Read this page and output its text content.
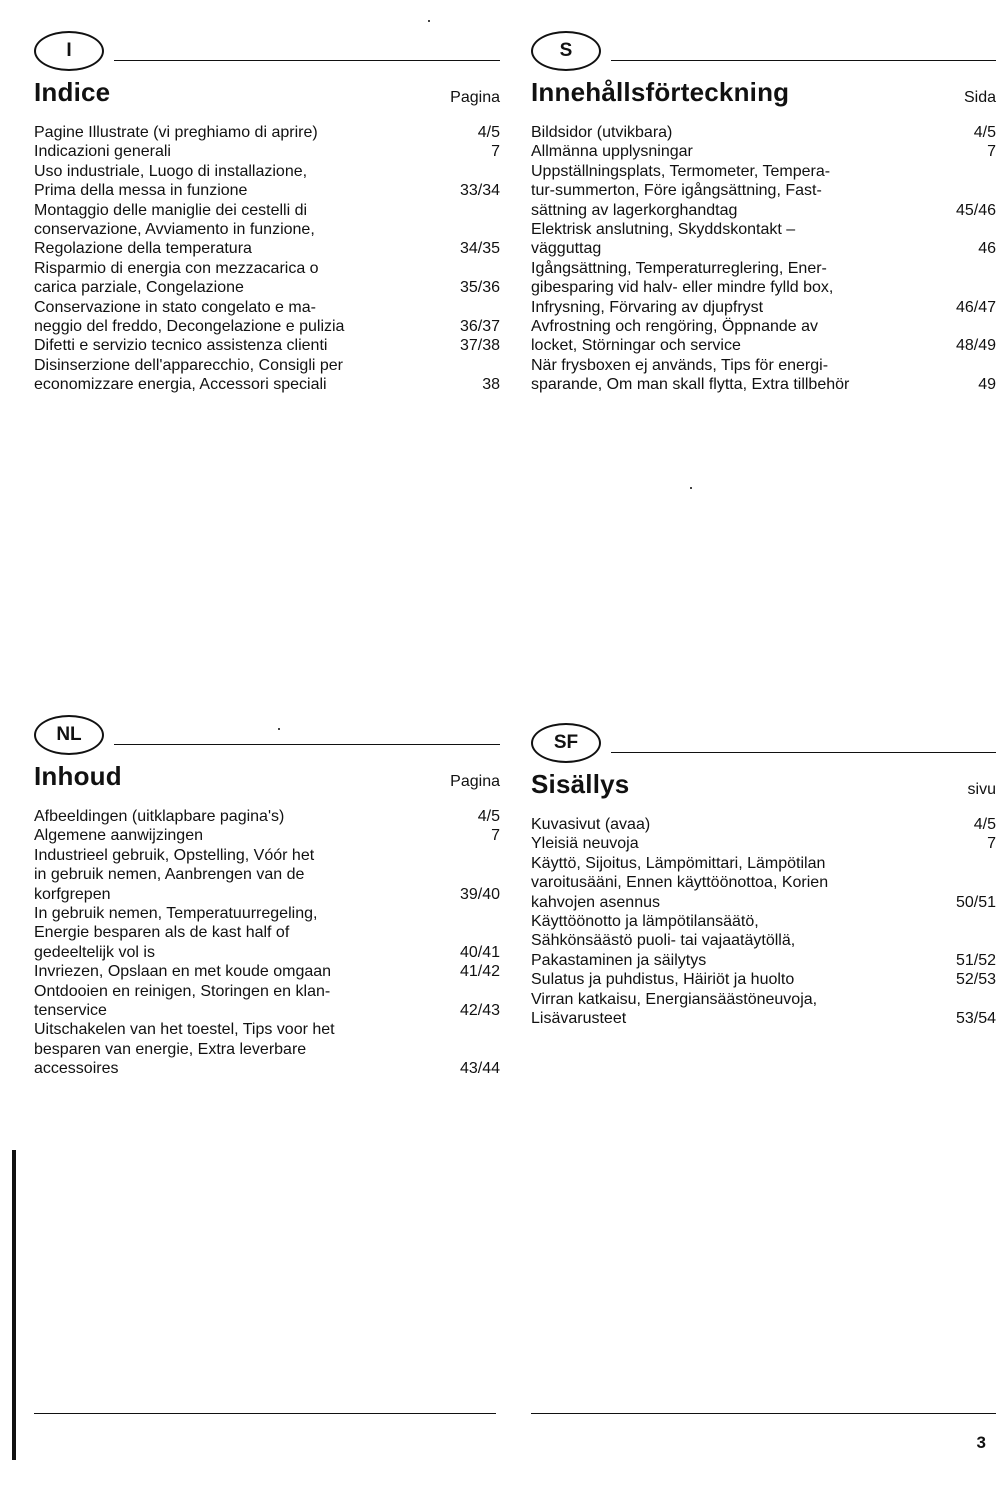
I
Indice	Pagina
Pagine Illustrate (vi preghiamo di aprire)	4/5
Indicazioni generali	7
Uso industriale, Luogo di installazione,
Prima della messa in funzione	33/34
Montaggio delle maniglie dei cestelli di
conservazione, Avviamento in funzione,
Regolazione della temperatura	34/35
Risparmio di energia con mezzacarica o
carica parziale, Congelazione	35/36
Conservazione in stato congelato e ma-
neggio del freddo, Decongelazione e pulizia	36/37
Difetti e servizio tecnico assistenza clienti	37/38
Disinserzione dell'apparecchio, Consigli per
economizzare energia, Accessori speciali	38
S
Innehållsförteckning	Sida
Bildsidor (utvikbara)	4/5
Allmänna upplysningar	7
Uppställningsplats, Termometer, Tempera-
tur-summerton, Före igångsättning, Fast-
sättning av lagerkorghandtag	45/46
Elektrisk anslutning, Skyddskontakt –
vägguttag	46
Igångsättning, Temperaturreglering, Ener-
gibesparing vid halv- eller mindre fylld box,
Infrysning, Förvaring av djupfryst	46/47
Avfrostning och rengöring, Öppnande av
locket, Störningar och service	48/49
När frysboxen ej används, Tips för energi-
sparande, Om man skall flytta, Extra tillbehör	49
NL
Inhoud	Pagina
Afbeeldingen (uitklapbare pagina's)	4/5
Algemene aanwijzingen	7
Industrieel gebruik, Opstelling, Vóór het
in gebruik nemen, Aanbrengen van de
korfgrepen	39/40
In gebruik nemen, Temperatuurregeling,
Energie besparen als de kast half of
gedeeltelijk vol is	40/41
Invriezen, Opslaan en met koude omgaan	41/42
Ontdooien en reinigen, Storingen en klan-
tenservice	42/43
Uitschakelen van het toestel, Tips voor het
besparen van energie, Extra leverbare
accessoires	43/44
SF
Sisällys	sivu
Kuvasivut (avaa)	4/5
Yleisiä neuvoja	7
Käyttö, Sijoitus, Lämpömittari, Lämpötilan
varoitusääni, Ennen käyttöönottoa, Korien
kahvojen asennus	50/51
Käyttöönotto ja lämpötilansäätö,
Sähkönsäästö puoli- tai vajaatäytöllä,
Pakastaminen ja säilytys	51/52
Sulatus ja puhdistus, Häiriöt ja huolto	52/53
Virran katkaisu, Energiansäästöneuvoja,
Lisävarusteet	53/54
3
